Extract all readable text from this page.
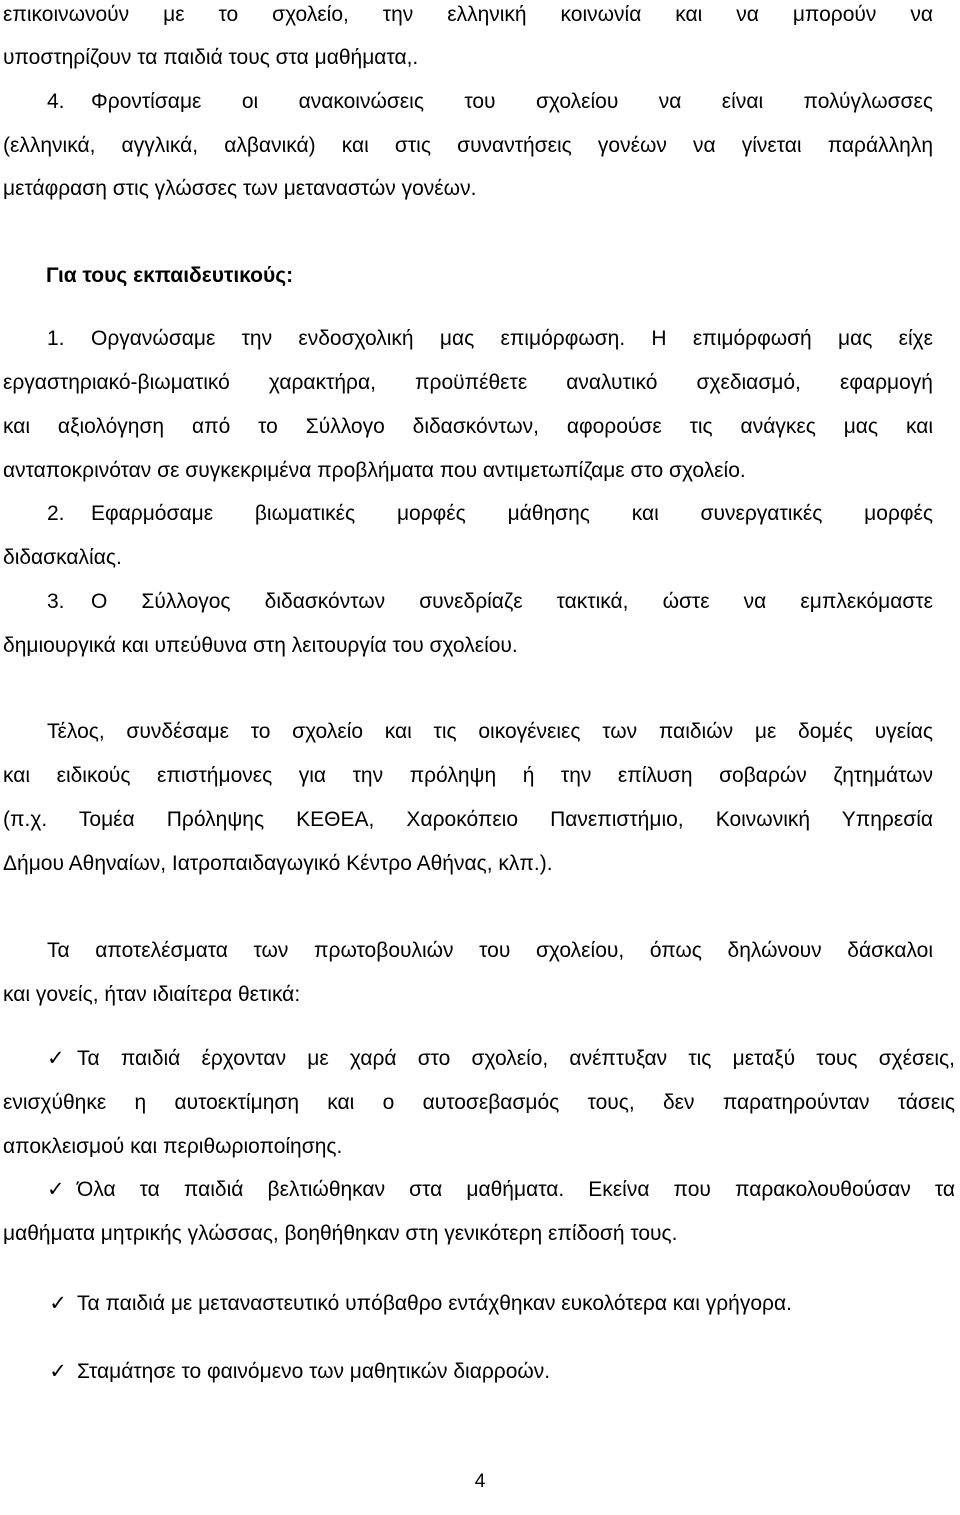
επικοινωνούν με το σχολείο, την ελληνική κοινωνία και να μπορούν να
υποστηρίζουν τα παιδιά τους στα μαθήματα,.
4. Φροντίσαμε οι ανακοινώσεις του σχολείου να είναι πολύγλωσσες
(ελληνικά, αγγλικά, αλβανικά) και στις συναντήσεις γονέων να γίνεται παράλληλη
μετάφραση στις γλώσσες των μεταναστών γονέων.
Για τους εκπαιδευτικούς:
1. Οργανώσαμε την ενδοσχολική μας επιμόρφωση. Η επιμόρφωσή μας είχε
εργαστηριακό-βιωματικό χαρακτήρα, προϋπέθετε αναλυτικό σχεδιασμό, εφαρμογή
και αξιολόγηση από το Σύλλογο διδασκόντων, αφορούσε τις ανάγκες μας και
ανταποκρινόταν σε συγκεκριμένα προβλήματα που αντιμετωπίζαμε στο σχολείο.
2. Εφαρμόσαμε βιωματικές μορφές μάθησης και συνεργατικές μορφές
διδασκαλίας.
3. Ο Σύλλογος διδασκόντων συνεδρίαζε τακτικά, ώστε να εμπλεκόμαστε
δημιουργικά και υπεύθυνα στη λειτουργία του σχολείου.
Τέλος, συνδέσαμε το σχολείο και τις οικογένειες των παιδιών με δομές υγείας
και ειδικούς επιστήμονες για την πρόληψη ή την επίλυση σοβαρών ζητημάτων
(π.χ. Τομέα Πρόληψης ΚΕΘΕΑ, Χαροκόπειο Πανεπιστήμιο, Κοινωνική Υπηρεσία
Δήμου Αθηναίων, Ιατροπαιδαγωγικό Κέντρο Αθήνας, κλπ.).
Τα αποτελέσματα των πρωτοβουλιών του σχολείου, όπως δηλώνουν δάσκαλοι
και γονείς, ήταν ιδιαίτερα θετικά:
✓ Τα παιδιά έρχονταν με χαρά στο σχολείο, ανέπτυξαν τις μεταξύ τους σχέσεις,
ενισχύθηκε η αυτοεκτίμηση και ο αυτοσεβασμός τους, δεν παρατηρούνταν τάσεις
αποκλεισμού και περιθωριοποίησης.
✓ Όλα τα παιδιά βελτιώθηκαν στα μαθήματα. Εκείνα που παρακολουθούσαν τα
μαθήματα μητρικής γλώσσας, βοηθήθηκαν στη γενικότερη επίδοσή τους.
✓ Τα παιδιά με μεταναστευτικό υπόβαθρο εντάχθηκαν ευκολότερα και γρήγορα.
✓ Σταμάτησε το φαινόμενο των μαθητικών διαρροών.
4
